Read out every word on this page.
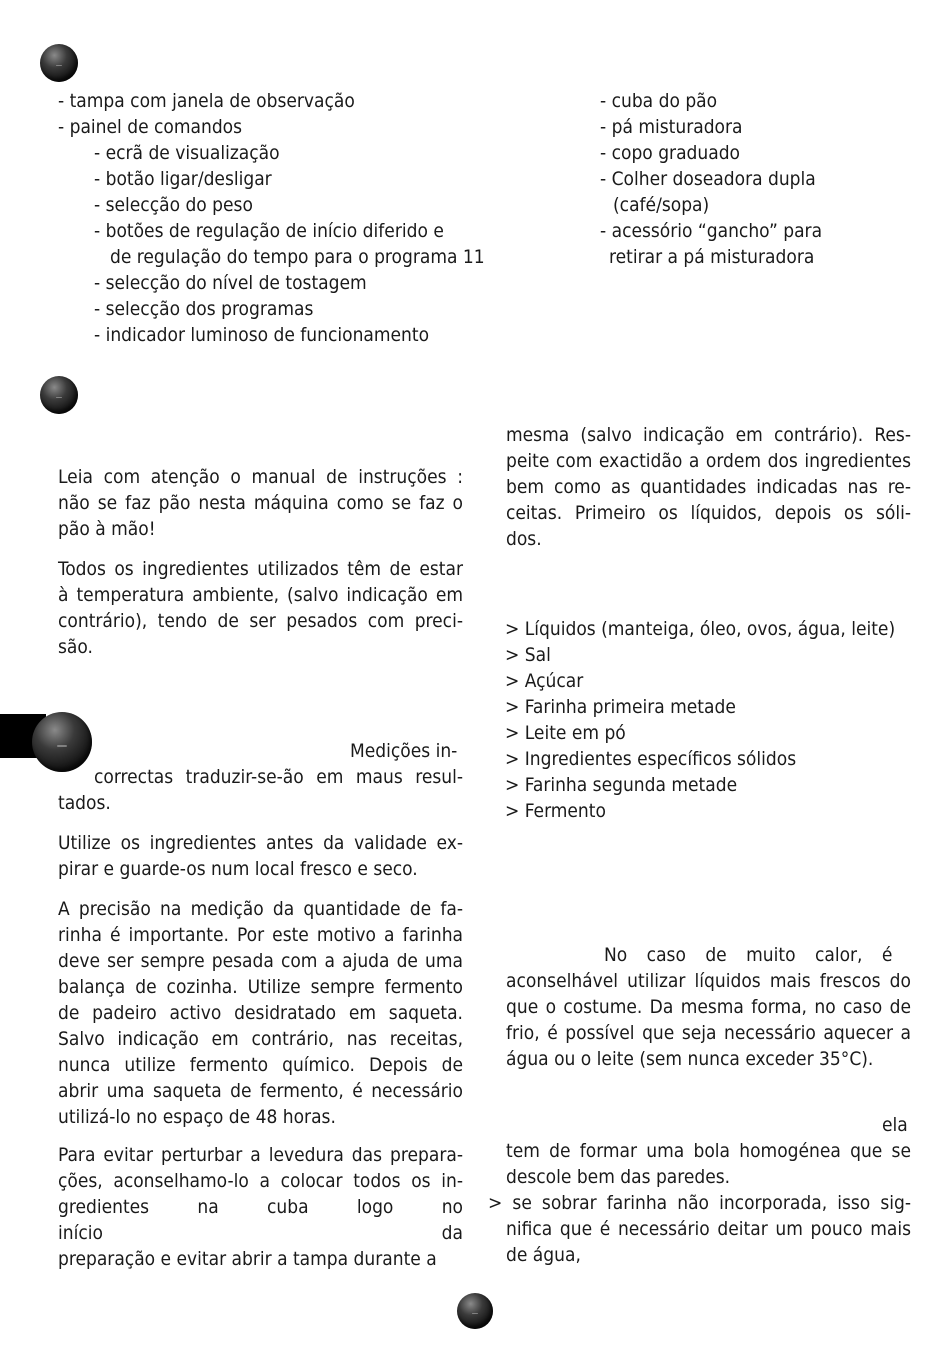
- tampa com janela de observação
- painel de comandos
- ecrã de visualização
- botão ligar/desligar
- selecção do peso
- botões de regulação de início diferido e
de regulação do tempo para o programa 11
- selecção do nível de tostagem
- selecção dos programas
- indicador luminoso de funcionamento
- cuba do pão
- pá misturadora
- copo graduado
- Colher doseadora dupla
(café/sopa)
- acessório “gancho” para
retirar a pá misturadora
Leia com atenção o manual de instruções :
não se faz pão nesta máquina como se faz o
pão à mão!
Todos os ingredientes utilizados têm de estar
à temperatura ambiente, (salvo indicação em
contrário), tendo de ser pesados com preci-
são.
Medições in-
correctas traduzir-se-ão em maus resul-
tados.
Utilize os ingredientes antes da validade ex-
pirar e guarde-os num local fresco e seco.
A precisão na medição da quantidade de fa-
rinha é importante. Por este motivo a farinha
deve ser sempre pesada com a ajuda de uma
balança de cozinha. Utilize sempre fermento
de padeiro activo desidratado em saqueta.
Salvo indicação em contrário, nas receitas,
nunca utilize fermento químico. Depois de
abrir uma saqueta de fermento, é necessário
utilizá-lo no espaço de 48 horas.
Para evitar perturbar a levedura das prepara-
ções, aconselhamo-lo a colocar todos os in-
gredientes na cuba logo no início da
preparação e evitar abrir a tampa durante a
mesma (salvo indicação em contrário). Res-
peite com exactidão a ordem dos ingredientes
bem como as quantidades indicadas nas re-
ceitas. Primeiro os líquidos, depois os sóli-
dos.
> Líquidos (manteiga, óleo, ovos, água, leite)
> Sal
> Açúcar
> Farinha primeira metade
> Leite em pó
> Ingredientes específicos sólidos
> Farinha segunda metade
> Fermento
No caso de muito calor, é
aconselhável utilizar líquidos mais frescos do
que o costume. Da mesma forma, no caso de
frio, é possível que seja necessário aquecer a
água ou o leite (sem nunca exceder 35°C).
ela
tem de formar uma bola homogénea que se
descole bem das paredes.
> se sobrar farinha não incorporada, isso sig-
nifica que é necessário deitar um pouco mais
de água,
